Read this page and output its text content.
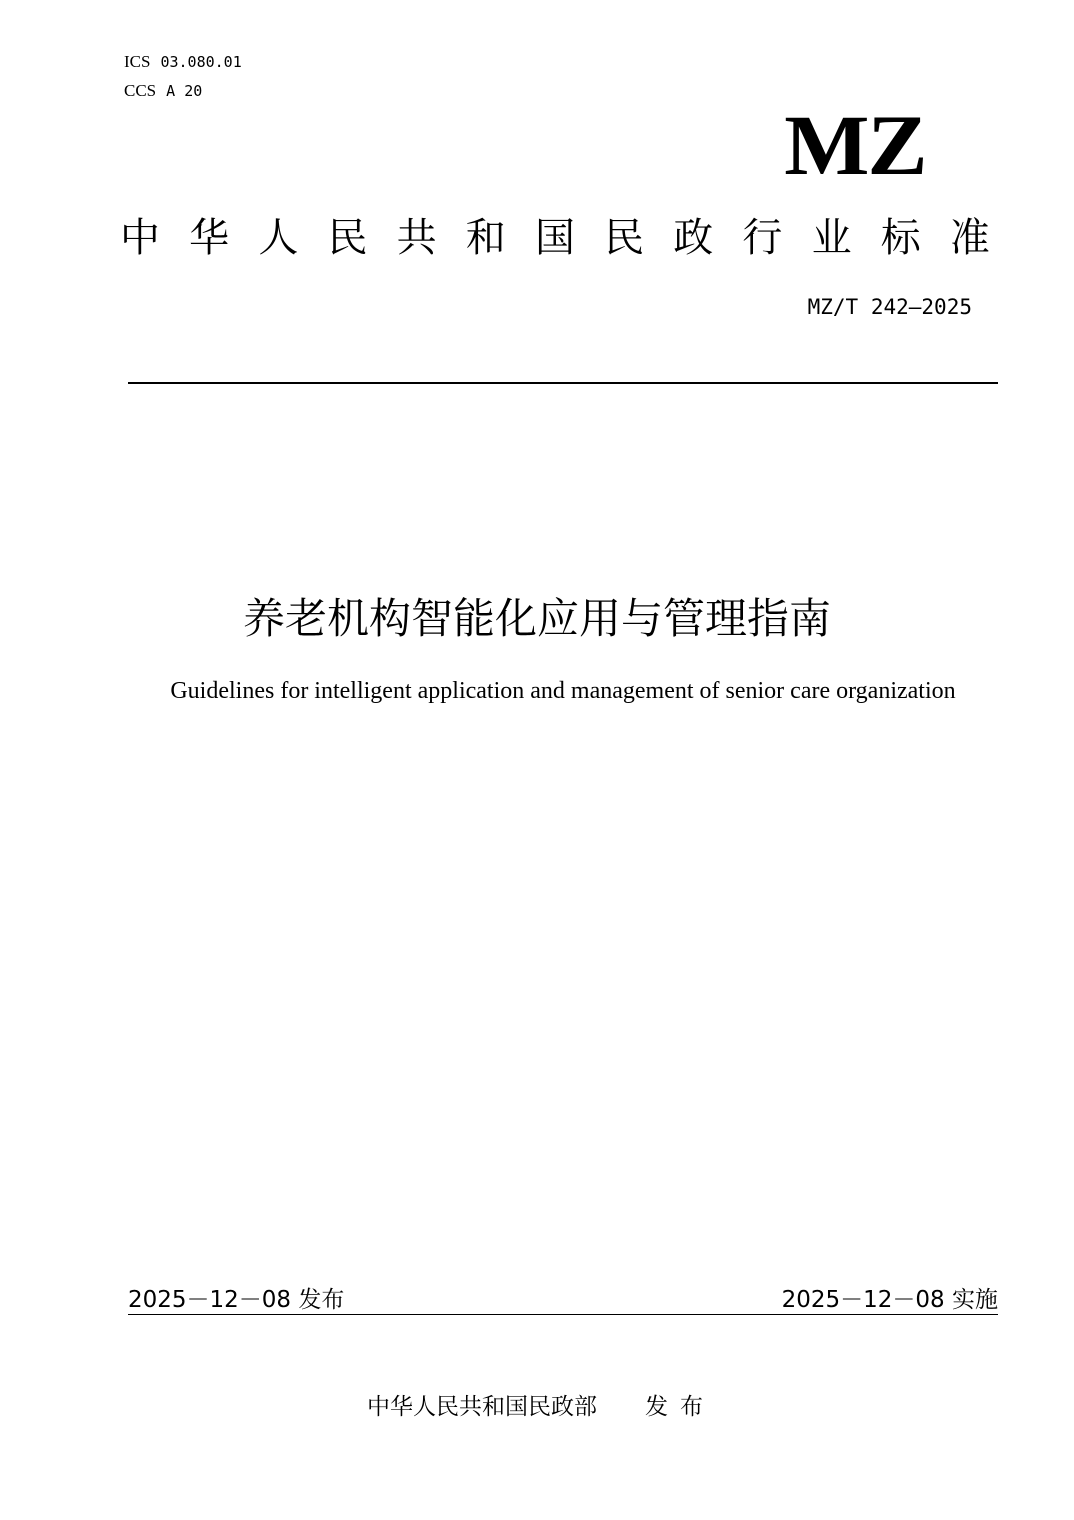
ICS 03.080.01
CCS A 20
MZ
中 华 人 民 共 和 国 民 政 行 业 标 准
MZ/T 242—2025
养老机构智能化应用与管理指南
Guidelines for intelligent application and management of senior care organization
2025－12－08 发布	2025－12－08 实施
中华人民共和国民政部 发布
